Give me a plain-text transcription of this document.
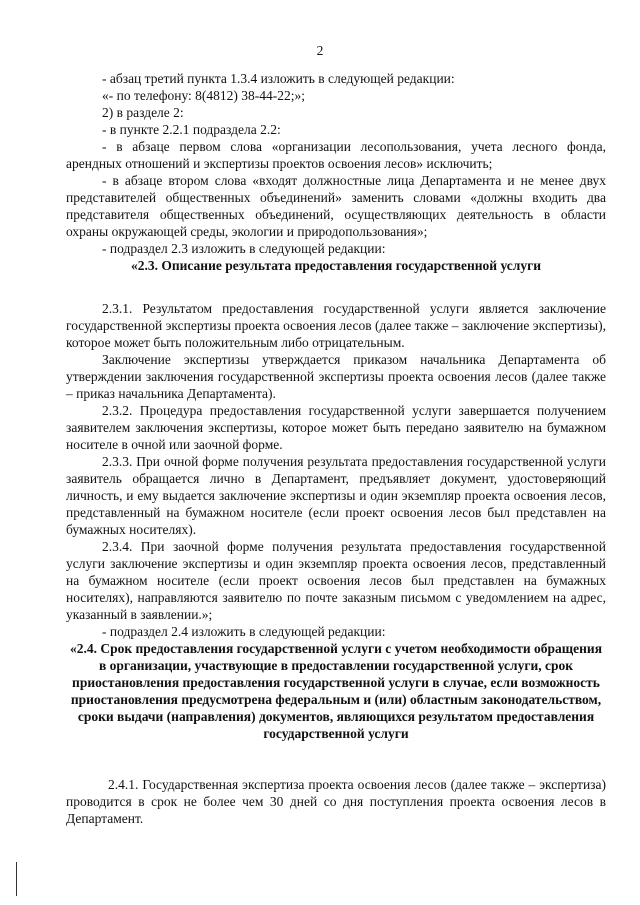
2

- абзац третий пункта 1.3.4 изложить в следующей редакции:

«- по телефону: 8(4812) 38-44-22;»;

2) в разделе 2:

- в пункте 2.2.1 подраздела 2.2:

- в абзаце первом слова «организации лесопользования, учета лесного фонда, арендных отношений и экспертизы проектов освоения лесов» исключить;

- в абзаце втором слова «входят должностные лица Департамента и не менее двух представителей общественных объединений» заменить словами «должны входить два представителя общественных объединений, осуществляющих деятельность в области охраны окружающей среды, экологии и природопользования»;

- подраздел 2.3 изложить в следующей редакции:

«2.3. Описание результата предоставления государственной услуги

2.3.1. Результатом предоставления государственной услуги является заключение государственной экспертизы проекта освоения лесов (далее также – заключение экспертизы), которое может быть положительным либо отрицательным.

Заключение экспертизы утверждается приказом начальника Департамента об утверждении заключения государственной экспертизы проекта освоения лесов (далее также – приказ начальника Департамента).

2.3.2. Процедура предоставления государственной услуги завершается получением заявителем заключения экспертизы, которое может быть передано заявителю на бумажном носителе в очной или заочной форме.

2.3.3. При очной форме получения результата предоставления государственной услуги заявитель обращается лично в Департамент, предъявляет документ, удостоверяющий личность, и ему выдается заключение экспертизы и один экземпляр проекта освоения лесов, представленный на бумажном носителе (если проект освоения лесов был представлен на бумажных носителях).

2.3.4. При заочной форме получения результата предоставления государственной услуги заключение экспертизы и один экземпляр проекта освоения лесов, представленный на бумажном носителе (если проект освоения лесов был представлен на бумажных носителях), направляются заявителю по почте заказным письмом с уведомлением на адрес, указанный в заявлении.»;

- подраздел 2.4 изложить в следующей редакции:

«2.4. Срок предоставления государственной услуги с учетом необходимости обращения в организации, участвующие в предоставлении государственной услуги, срок приостановления предоставления государственной услуги в случае, если возможность приостановления предусмотрена федеральным и (или) областным законодательством, сроки выдачи (направления) документов, являющихся результатом предоставления государственной услуги

2.4.1. Государственная экспертиза проекта освоения лесов (далее также – экспертиза) проводится в срок не более чем 30 дней со дня поступления проекта освоения лесов в Департамент.
